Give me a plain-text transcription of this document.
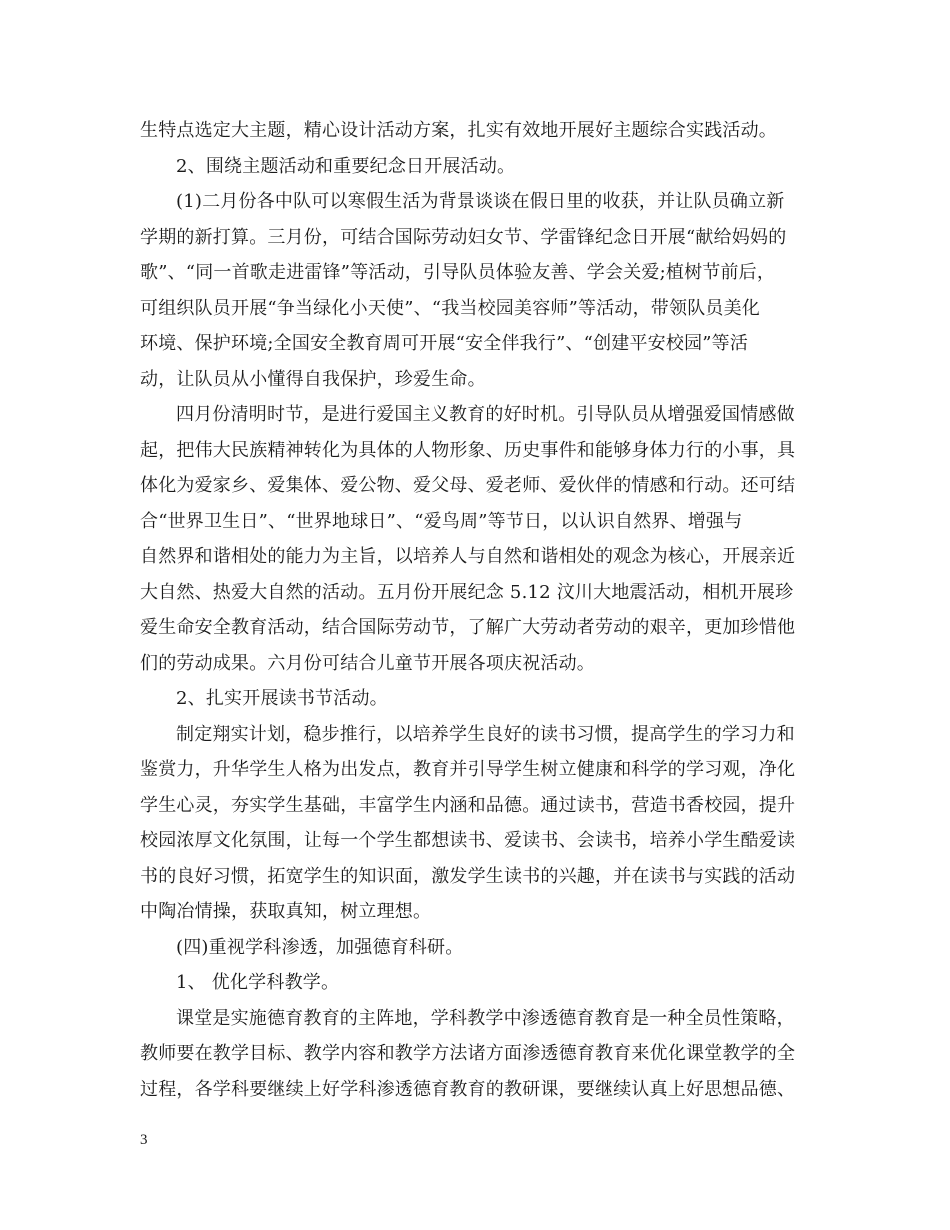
生特点选定大主题，精心设计活动方案，扎实有效地开展好主题综合实践活动。
2、围绕主题活动和重要纪念日开展活动。
(1)二月份各中队可以寒假生活为背景谈谈在假日里的收获，并让队员确立新
学期的新打算。三月份，可结合国际劳动妇女节、学雷锋纪念日开展“献给妈妈的
歌”、“同一首歌走进雷锋”等活动，引导队员体验友善、学会关爱;植树节前后，
可组织队员开展“争当绿化小天使”、“我当校园美容师”等活动，带领队员美化
环境、保护环境;全国安全教育周可开展“安全伴我行”、“创建平安校园”等活
动，让队员从小懂得自我保护，珍爱生命。
四月份清明时节，是进行爱国主义教育的好时机。引导队员从增强爱国情感做
起，把伟大民族精神转化为具体的人物形象、历史事件和能够身体力行的小事，具
体化为爱家乡、爱集体、爱公物、爱父母、爱老师、爱伙伴的情感和行动。还可结
合“世界卫生日”、“世界地球日”、“爱鸟周”等节日，以认识自然界、增强与
自然界和谐相处的能力为主旨，以培养人与自然和谐相处的观念为核心，开展亲近
大自然、热爱大自然的活动。五月份开展纪念 5.12 汶川大地震活动，相机开展珍
爱生命安全教育活动，结合国际劳动节，了解广大劳动者劳动的艰辛，更加珍惜他
们的劳动成果。六月份可结合儿童节开展各项庆祝活动。
2、扎实开展读书节活动。
制定翔实计划，稳步推行，以培养学生良好的读书习惯，提高学生的学习力和
鉴赏力，升华学生人格为出发点，教育并引导学生树立健康和科学的学习观，净化
学生心灵，夯实学生基础，丰富学生内涵和品德。通过读书，营造书香校园，提升
校园浓厚文化氛围，让每一个学生都想读书、爱读书、会读书，培养小学生酷爱读
书的良好习惯，拓宽学生的知识面，激发学生读书的兴趣，并在读书与实践的活动
中陶冶情操，获取真知，树立理想。
(四)重视学科渗透，加强德育科研。
1、 优化学科教学。
课堂是实施德育教育的主阵地，学科教学中渗透德育教育是一种全员性策略，
教师要在教学目标、教学内容和教学方法诸方面渗透德育教育来优化课堂教学的全
过程，各学科要继续上好学科渗透德育教育的教研课，要继续认真上好思想品德、
3
